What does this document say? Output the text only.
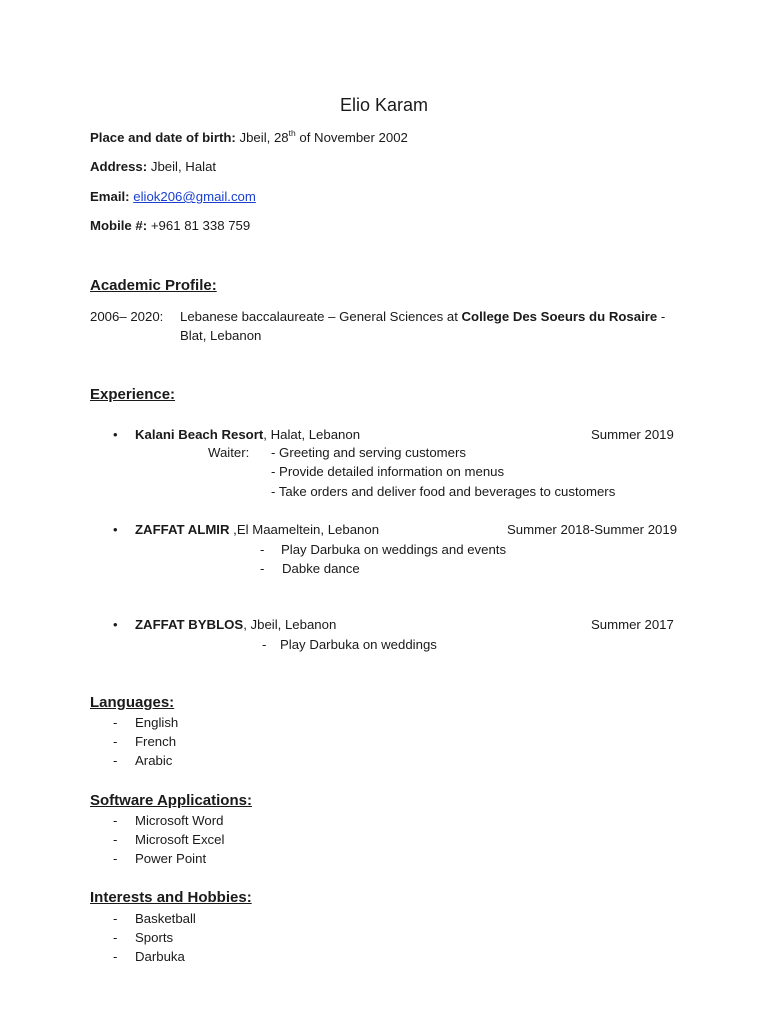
Elio Karam
Place and date of birth: Jbeil, 28th of November 2002
Address: Jbeil, Halat
Email: eliok206@gmail.com
Mobile #: +961 81 338 759
Academic Profile:
2006– 2020: Lebanese baccalaureate – General Sciences at College Des Soeurs du Rosaire -
Blat, Lebanon
Experience:
• Kalani Beach Resort, Halat, Lebanon	Summer 2019
Waiter: - Greeting and serving customers
- Provide detailed information on menus
- Take orders and deliver food and beverages to customers
• ZAFFAT ALMIR ,El Maameltein, Lebanon	Summer 2018-Summer 2019
- Play Darbuka on weddings and events
- Dabke dance
• ZAFFAT BYBLOS, Jbeil, Lebanon	Summer 2017
- Play Darbuka on weddings
Languages:
- English
- French
- Arabic
Software Applications:
- Microsoft Word
- Microsoft Excel
- Power Point
Interests and Hobbies:
- Basketball
- Sports
- Darbuka
